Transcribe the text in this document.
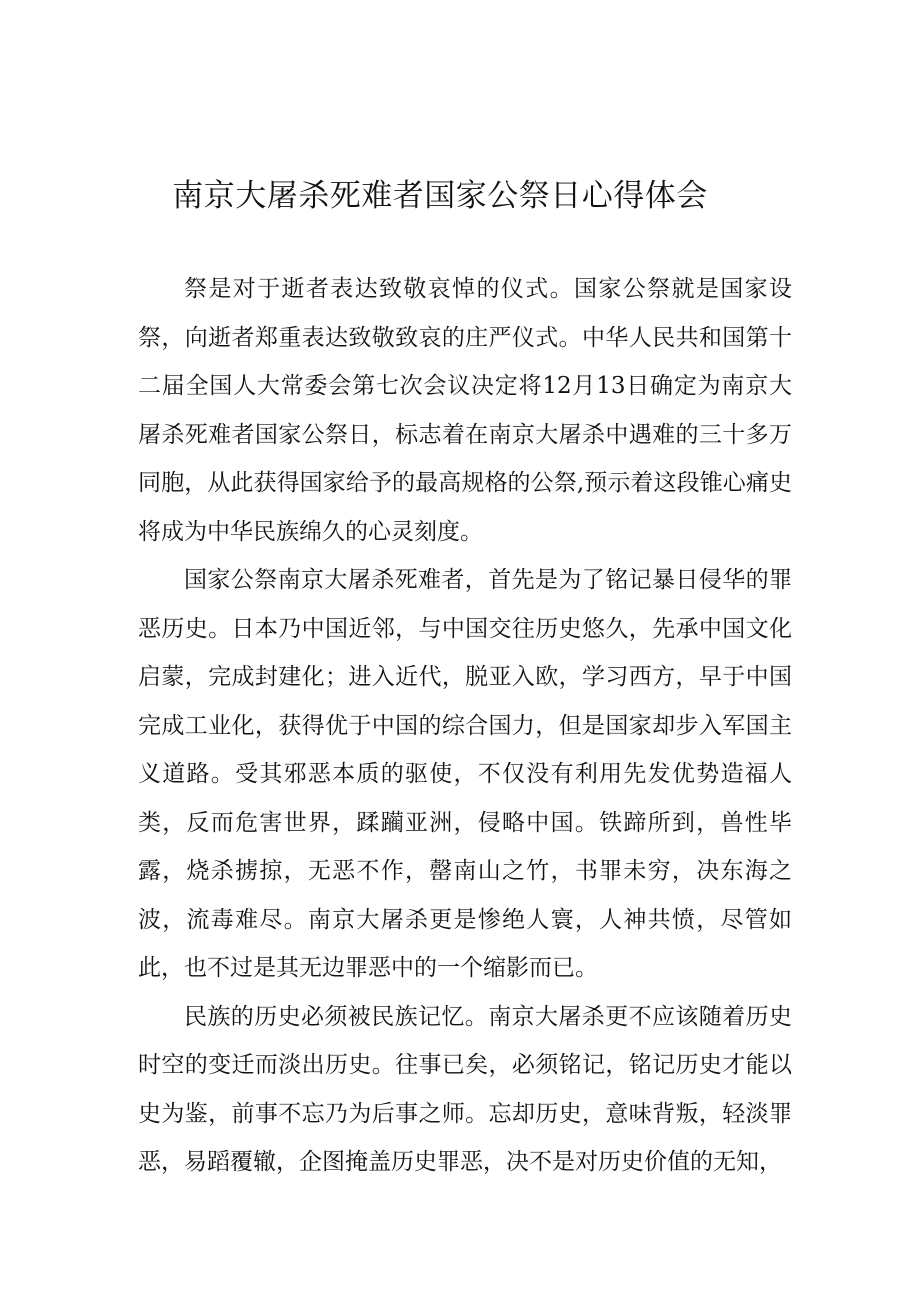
南京大屠杀死难者国家公祭日心得体会

祭是对于逝者表达致敬哀悼的仪式。国家公祭就是国家设祭，向逝者郑重表达致敬致哀的庄严仪式。中华人民共和国第十二届全国人大常委会第七次会议决定将12月13日确定为南京大屠杀死难者国家公祭日，标志着在南京大屠杀中遇难的三十多万同胞，从此获得国家给予的最高规格的公祭,预示着这段锥心痛史将成为中华民族绵久的心灵刻度。

国家公祭南京大屠杀死难者，首先是为了铭记暴日侵华的罪恶历史。日本乃中国近邻，与中国交往历史悠久，先承中国文化启蒙，完成封建化；进入近代，脱亚入欧，学习西方，早于中国完成工业化，获得优于中国的综合国力，但是国家却步入军国主义道路。受其邪恶本质的驱使，不仅没有利用先发优势造福人类，反而危害世界，蹂躏亚洲，侵略中国。铁蹄所到，兽性毕露，烧杀掳掠，无恶不作，罄南山之竹，书罪未穷，决东海之波，流毒难尽。南京大屠杀更是惨绝人寰，人神共愤，尽管如此，也不过是其无边罪恶中的一个缩影而已。

民族的历史必须被民族记忆。南京大屠杀更不应该随着历史时空的变迁而淡出历史。往事已矣，必须铭记，铭记历史才能以史为鉴，前事不忘乃为后事之师。忘却历史，意味背叛，轻淡罪恶，易蹈覆辙，企图掩盖历史罪恶，决不是对历史价值的无知，
